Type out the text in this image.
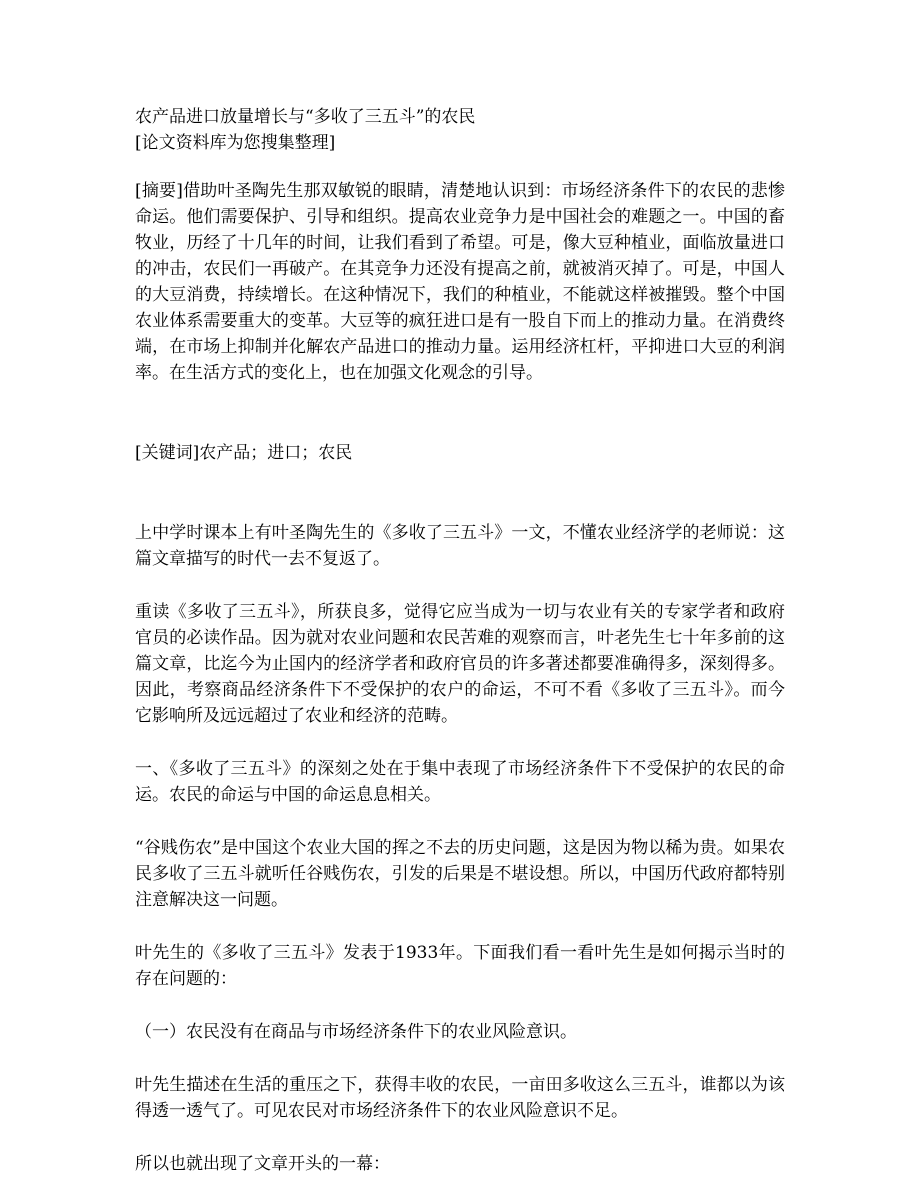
农产品进口放量增长与“多收了三五斗”的农民

[论文资料库为您搜集整理]

[摘要]借助叶圣陶先生那双敏锐的眼睛，清楚地认识到：市场经济条件下的农民的悲惨命运。他们需要保护、引导和组织。提高农业竞争力是中国社会的难题之一。中国的畜牧业，历经了十几年的时间，让我们看到了希望。可是，像大豆种植业，面临放量进口的冲击，农民们一再破产。在其竞争力还没有提高之前，就被消灭掉了。可是，中国人的大豆消费，持续增长。在这种情况下，我们的种植业，不能就这样被摧毁。整个中国农业体系需要重大的变革。大豆等的疯狂进口是有一股自下而上的推动力量。在消费终端，在市场上抑制并化解农产品进口的推动力量。运用经济杠杆，平抑进口大豆的利润率。在生活方式的变化上，也在加强文化观念的引导。

[关键词]农产品；进口；农民

上中学时课本上有叶圣陶先生的《多收了三五斗》一文，不懂农业经济学的老师说：这篇文章描写的时代一去不复返了。

重读《多收了三五斗》，所获良多，觉得它应当成为一切与农业有关的专家学者和政府官员的必读作品。因为就对农业问题和农民苦难的观察而言，叶老先生七十年多前的这篇文章，比迄今为止国内的经济学者和政府官员的许多著述都要准确得多，深刻得多。因此，考察商品经济条件下不受保护的农户的命运，不可不看《多收了三五斗》。而今它影响所及远远超过了农业和经济的范畴。

一、《多收了三五斗》的深刻之处在于集中表现了市场经济条件下不受保护的农民的命运。农民的命运与中国的命运息息相关。

“谷贱伤农”是中国这个农业大国的挥之不去的历史问题，这是因为物以稀为贵。如果农民多收了三五斗就听任谷贱伤农，引发的后果是不堪设想。所以，中国历代政府都特别注意解决这一问题。

叶先生的《多收了三五斗》发表于1933年。下面我们看一看叶先生是如何揭示当时的存在问题的：

（一）农民没有在商品与市场经济条件下的农业风险意识。

叶先生描述在生活的重压之下，获得丰收的农民，一亩田多收这么三五斗，谁都以为该得透一透气了。可见农民对市场经济条件下的农业风险意识不足。

所以也就出现了文章开头的一幕：
